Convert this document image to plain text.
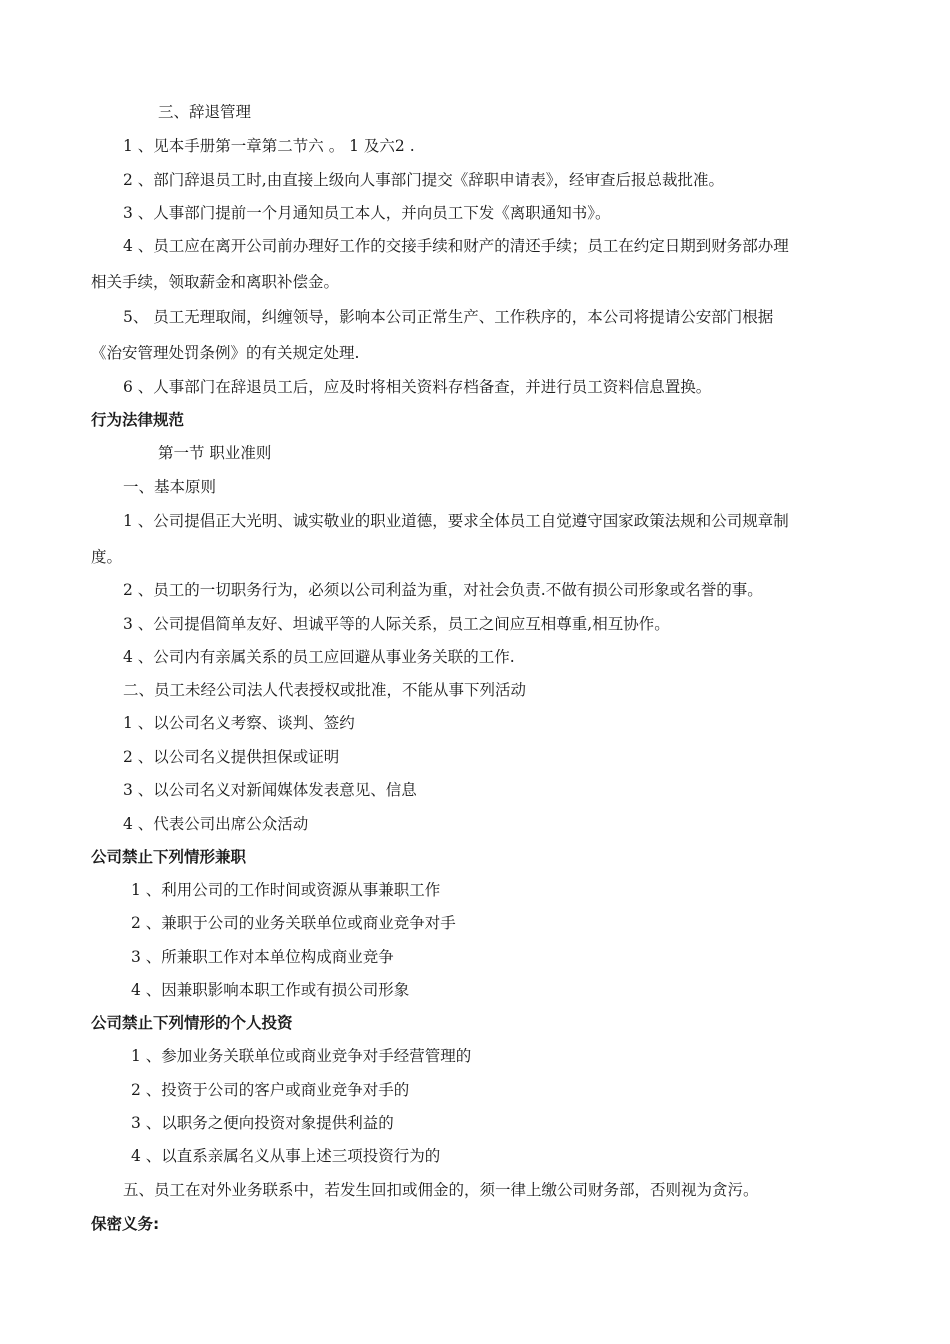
三、辞退管理
1 、见本手册第一章第二节六 。 1 及六2 .
2 、部门辞退员工时,由直接上级向人事部门提交《辞职申请表》，经审查后报总裁批准。
3 、人事部门提前一个月通知员工本人，并向员工下发《离职通知书》。
4 、员工应在离开公司前办理好工作的交接手续和财产的清还手续；员工在约定日期到财务部办理
相关手续，领取薪金和离职补偿金。
5、 员工无理取闹，纠缠领导，影响本公司正常生产、工作秩序的，本公司将提请公安部门根据
《治安管理处罚条例》的有关规定处理.
6 、人事部门在辞退员工后，应及时将相关资料存档备查，并进行员工资料信息置换。
行为法律规范
第一节 职业准则
一、基本原则
1 、公司提倡正大光明、诚实敬业的职业道德，要求全体员工自觉遵守国家政策法规和公司规章制
度。
2 、员工的一切职务行为，必须以公司利益为重，对社会负责.不做有损公司形象或名誉的事。
3 、公司提倡简单友好、坦诚平等的人际关系，员工之间应互相尊重,相互协作。
4 、公司内有亲属关系的员工应回避从事业务关联的工作.
二、员工未经公司法人代表授权或批准，不能从事下列活动
1 、以公司名义考察、谈判、签约
2 、以公司名义提供担保或证明
3 、以公司名义对新闻媒体发表意见、信息
4 、代表公司出席公众活动
公司禁止下列情形兼职
1 、利用公司的工作时间或资源从事兼职工作
2 、兼职于公司的业务关联单位或商业竞争对手
3 、所兼职工作对本单位构成商业竞争
4 、因兼职影响本职工作或有损公司形象
公司禁止下列情形的个人投资
1 、参加业务关联单位或商业竞争对手经营管理的
2 、投资于公司的客户或商业竞争对手的
3 、以职务之便向投资对象提供利益的
4 、以直系亲属名义从事上述三项投资行为的
五、员工在对外业务联系中，若发生回扣或佣金的，须一律上缴公司财务部，否则视为贪污。
保密义务:
